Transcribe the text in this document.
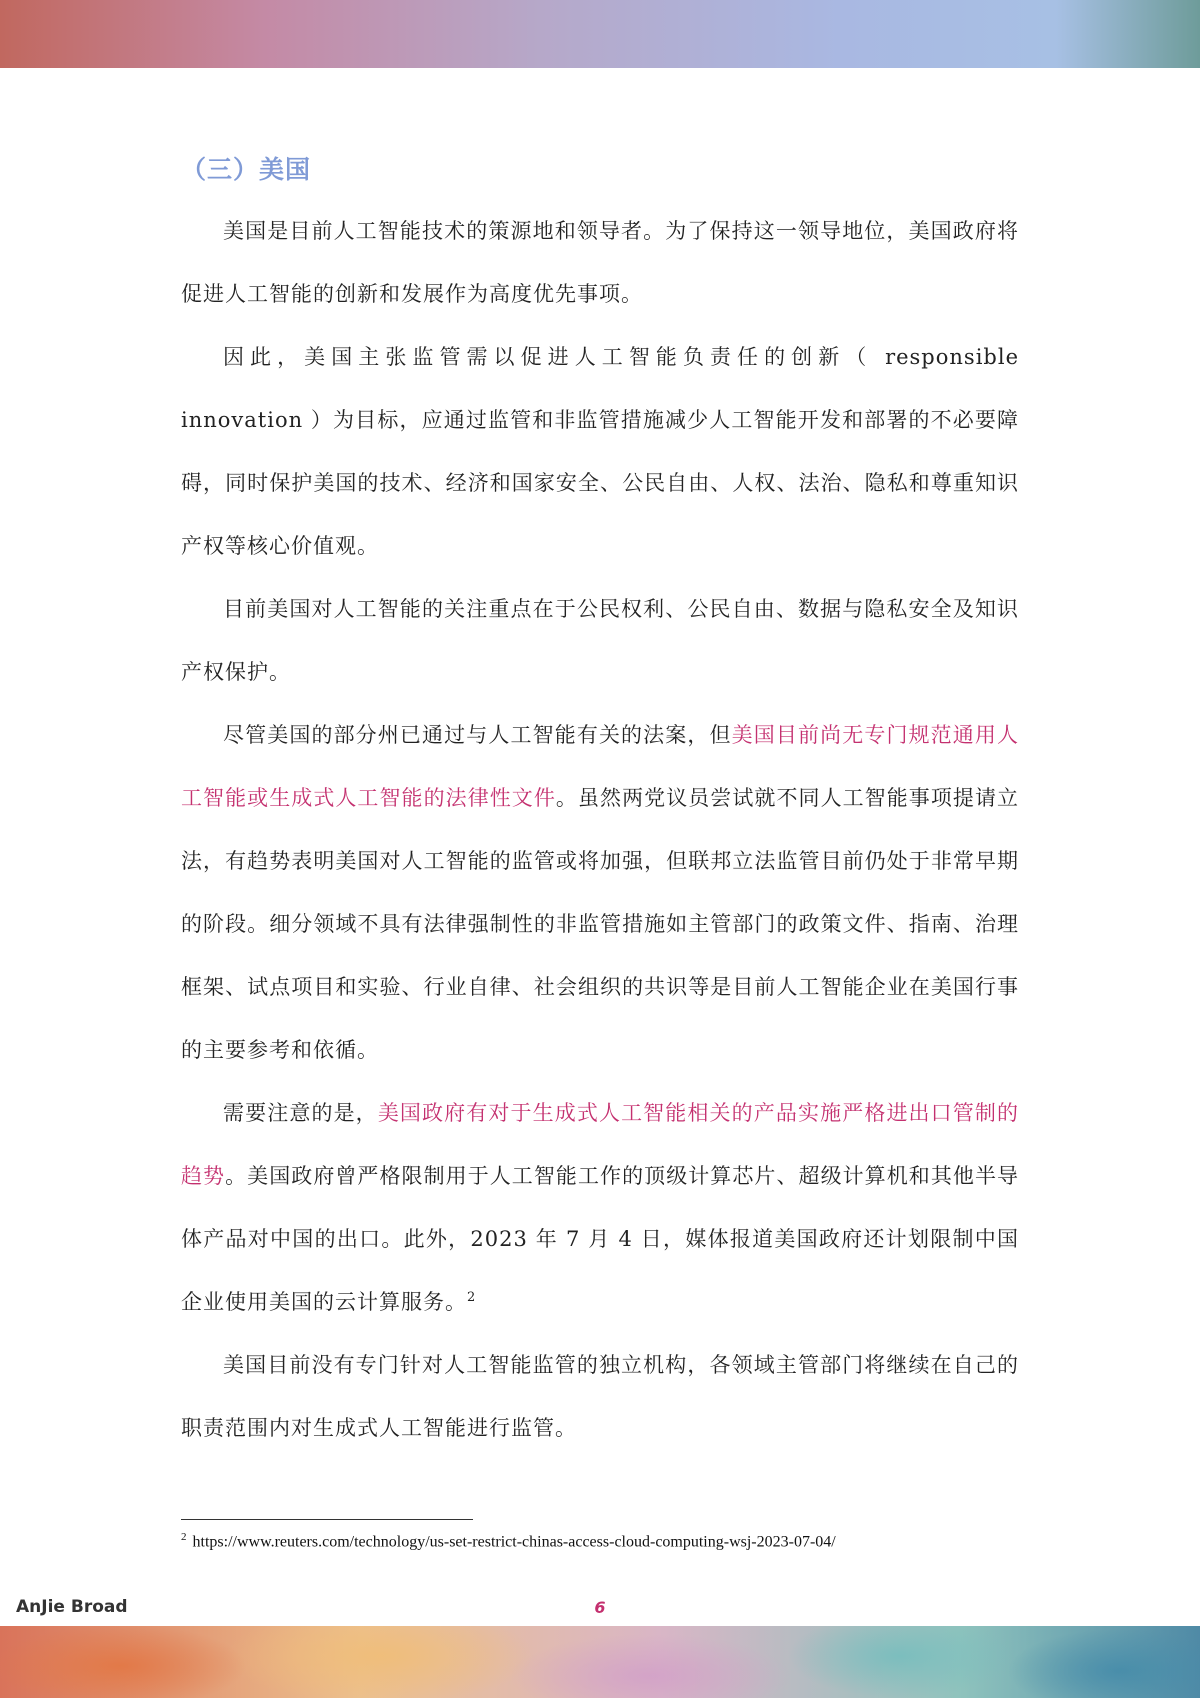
（三）美国

美国是目前人工智能技术的策源地和领导者。为了保持这一领导地位，美国政府将促进人工智能的创新和发展作为高度优先事项。

因此，美国主张监管需以促进人工智能负责任的创新（ responsible innovation ）为目标，应通过监管和非监管措施减少人工智能开发和部署的不必要障碍，同时保护美国的技术、经济和国家安全、公民自由、人权、法治、隐私和尊重知识产权等核心价值观。

目前美国对人工智能的关注重点在于公民权利、公民自由、数据与隐私安全及知识产权保护。

尽管美国的部分州已通过与人工智能有关的法案，但美国目前尚无专门规范通用人工智能或生成式人工智能的法律性文件。虽然两党议员尝试就不同人工智能事项提请立法，有趋势表明美国对人工智能的监管或将加强，但联邦立法监管目前仍处于非常早期的阶段。细分领域不具有法律强制性的非监管措施如主管部门的政策文件、指南、治理框架、试点项目和实验、行业自律、社会组织的共识等是目前人工智能企业在美国行事的主要参考和依循。

需要注意的是，美国政府有对于生成式人工智能相关的产品实施严格进出口管制的趋势。美国政府曾严格限制用于人工智能工作的顶级计算芯片、超级计算机和其他半导体产品对中国的出口。此外，2023 年 7 月 4 日，媒体报道美国政府还计划限制中国企业使用美国的云计算服务。$^2$

美国目前没有专门针对人工智能监管的独立机构，各领域主管部门将继续在自己的职责范围内对生成式人工智能进行监管。

$^2$ https://www.reuters.com/technology/us-set-restrict-chinas-access-cloud-computing-wsj-2023-07-04/
AnJie Broad	6
